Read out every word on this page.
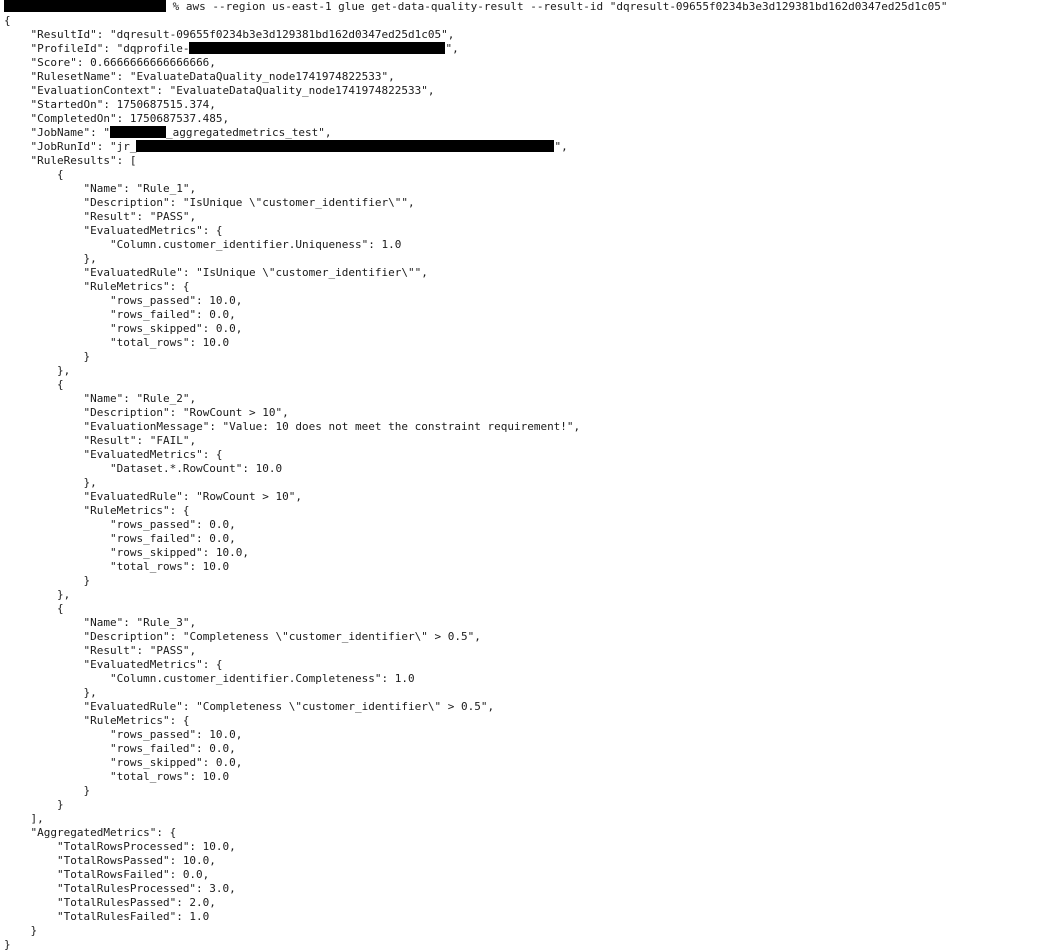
% aws --region us-east-1 glue get-data-quality-result --result-id "dqresult-09655f0234b3e3d129381bd162d0347ed25d1c05"
{
"ResultId": "dqresult-09655f0234b3e3d129381bd162d0347ed25d1c05",
"ProfileId": "dqprofile-	",
"Score": 0.6666666666666666,
"RulesetName": "EvaluateDataQuality_node1741974822533",
"EvaluationContext": "EvaluateDataQuality_node1741974822533",
"StartedOn": 1750687515.374,
"CompletedOn": 1750687537.485,
"JobName": "	_aggregatedmetrics_test",
"JobRunId": "jr_	",
"RuleResults": [
{
"Name": "Rule_1",
"Description": "IsUnique \"customer_identifier\"",
"Result": "PASS",
"EvaluatedMetrics": {
"Column.customer_identifier.Uniqueness": 1.0
},
"EvaluatedRule": "IsUnique \"customer_identifier\"",
"RuleMetrics": {
"rows_passed": 10.0,
"rows_failed": 0.0,
"rows_skipped": 0.0,
"total_rows": 10.0
}
},
{
"Name": "Rule_2",
"Description": "RowCount > 10",
"EvaluationMessage": "Value: 10 does not meet the constraint requirement!",
"Result": "FAIL",
"EvaluatedMetrics": {
"Dataset.*.RowCount": 10.0
},
"EvaluatedRule": "RowCount > 10",
"RuleMetrics": {
"rows_passed": 0.0,
"rows_failed": 0.0,
"rows_skipped": 10.0,
"total_rows": 10.0
}
},
{
"Name": "Rule_3",
"Description": "Completeness \"customer_identifier\" > 0.5",
"Result": "PASS",
"EvaluatedMetrics": {
"Column.customer_identifier.Completeness": 1.0
},
"EvaluatedRule": "Completeness \"customer_identifier\" > 0.5",
"RuleMetrics": {
"rows_passed": 10.0,
"rows_failed": 0.0,
"rows_skipped": 0.0,
"total_rows": 10.0
}
}
],
"AggregatedMetrics": {
"TotalRowsProcessed": 10.0,
"TotalRowsPassed": 10.0,
"TotalRowsFailed": 0.0,
"TotalRulesProcessed": 3.0,
"TotalRulesPassed": 2.0,
"TotalRulesFailed": 1.0
}
}
